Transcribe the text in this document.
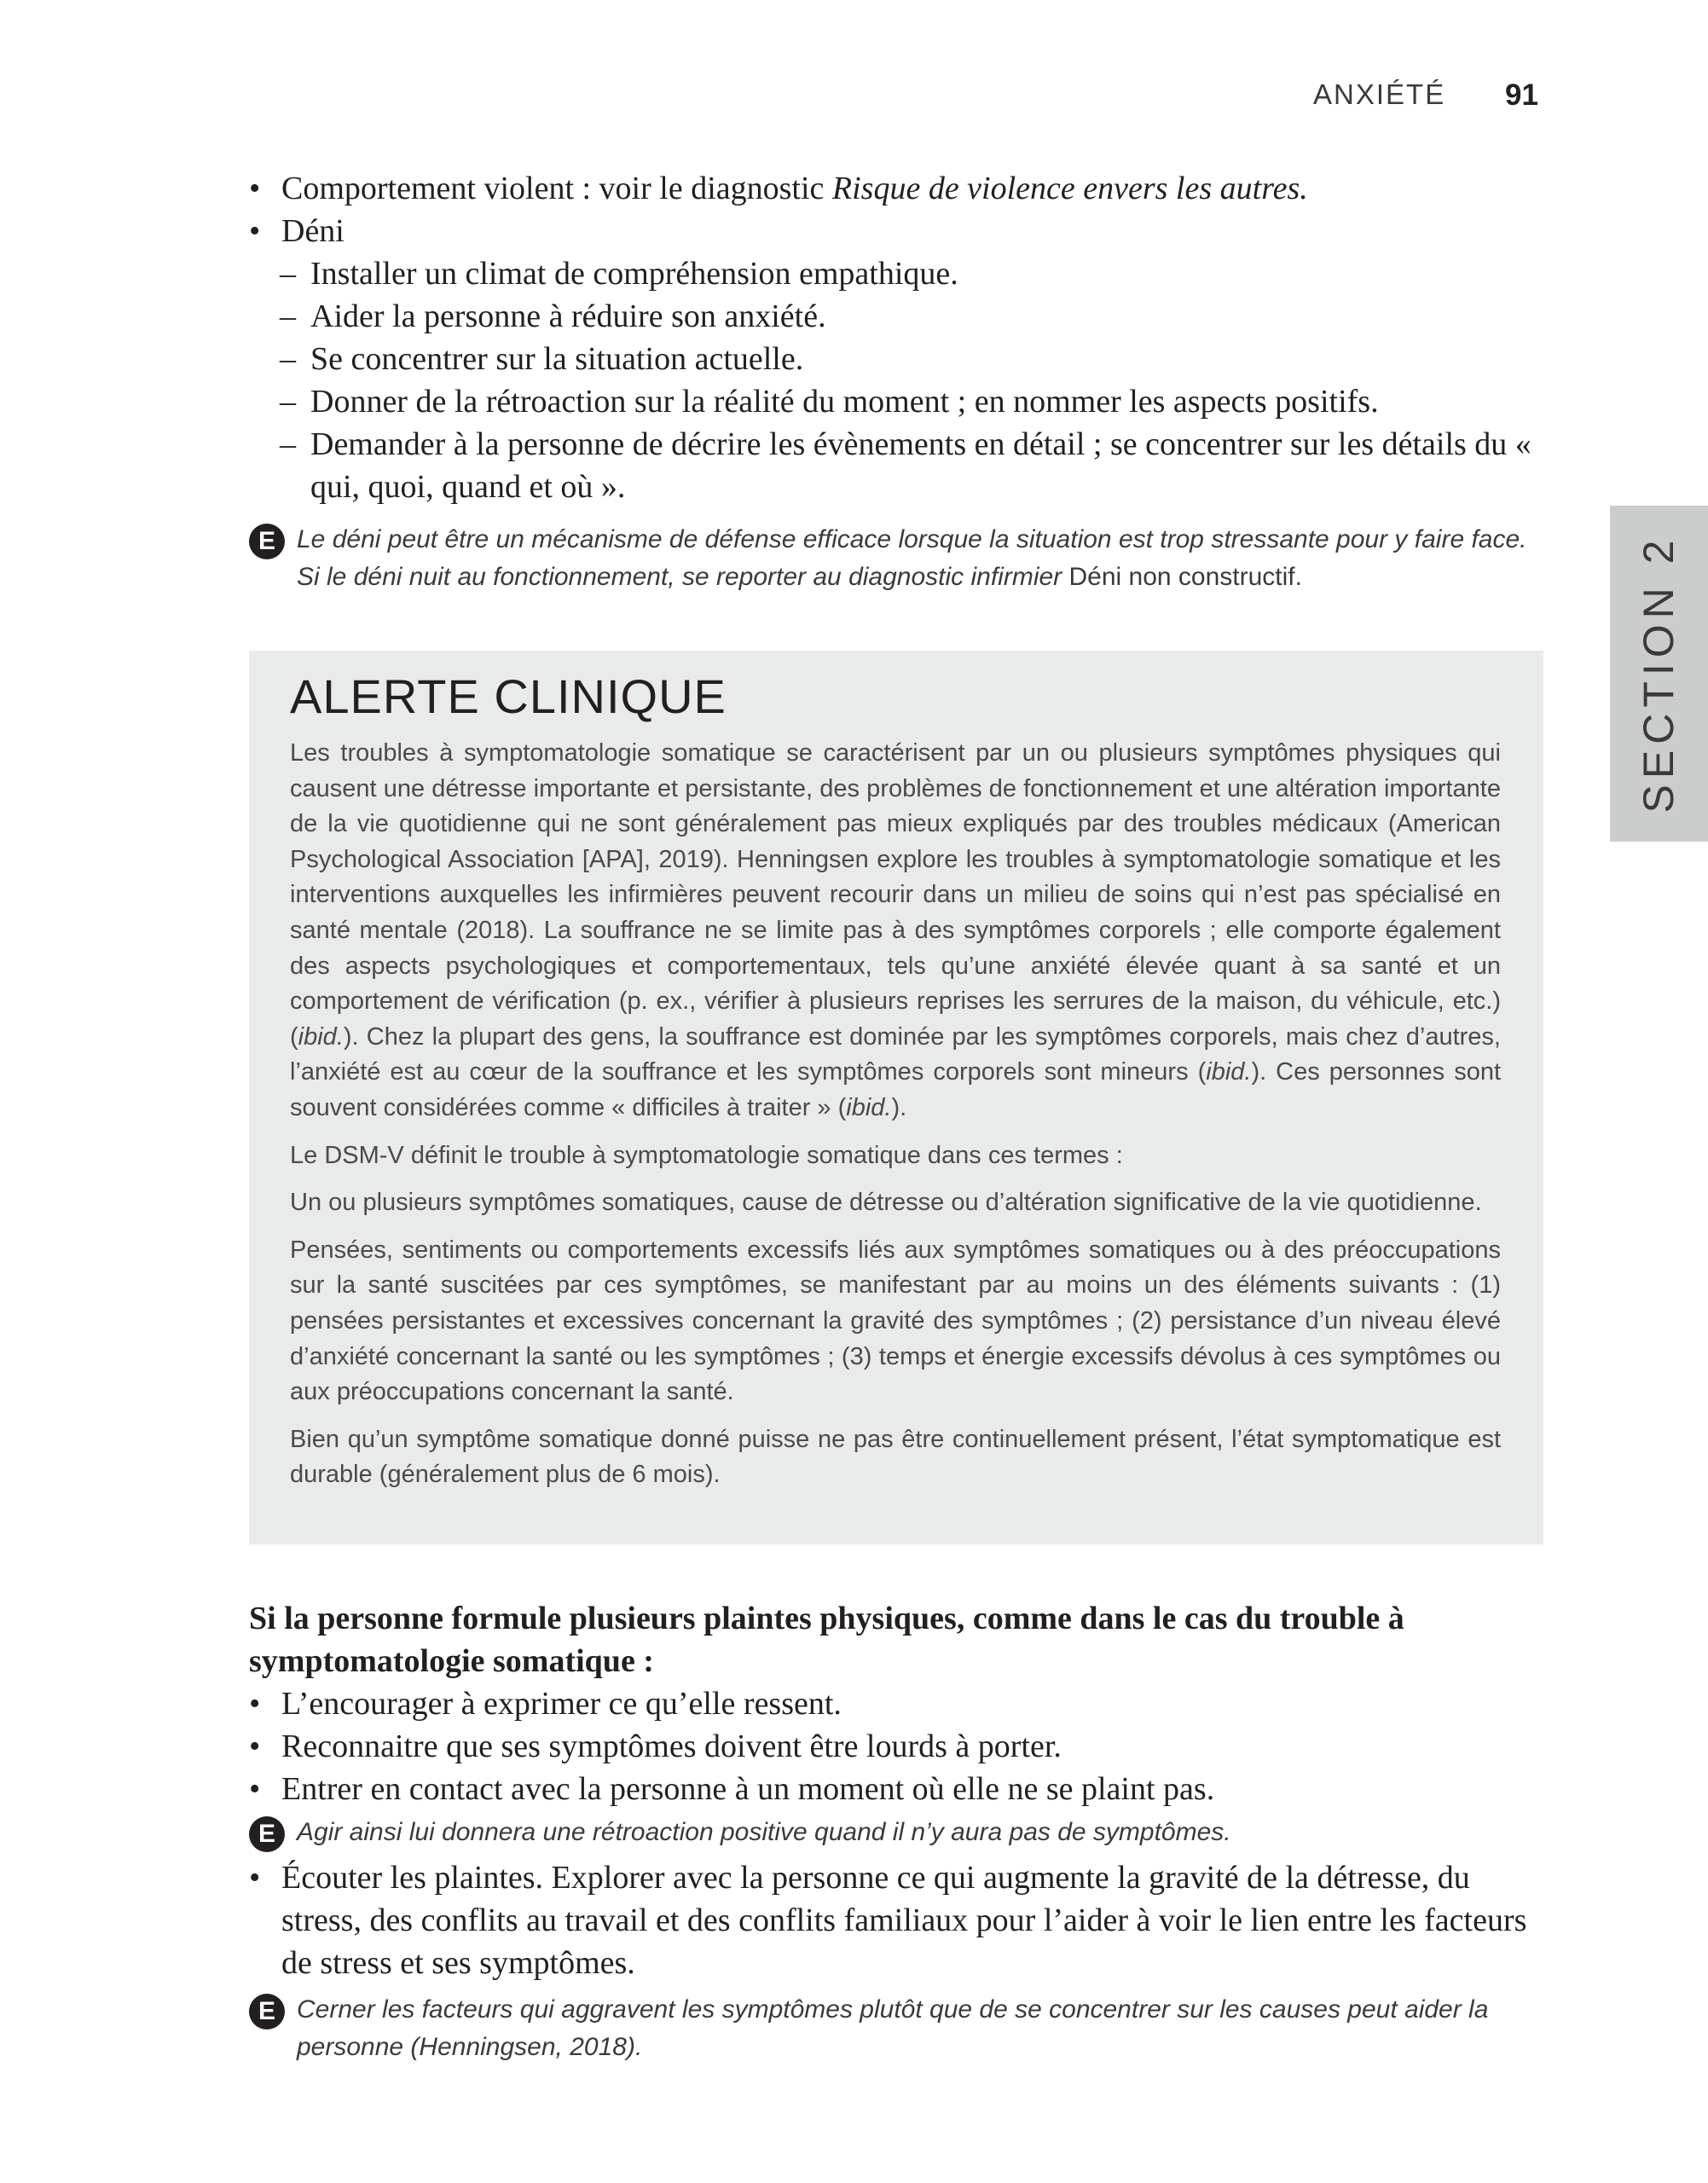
ANXIÉTÉ 91
SECTION 2
• Comportement violent : voir le diagnostic Risque de violence envers les autres.
• Déni
– Installer un climat de compréhension empathique.
– Aider la personne à réduire son anxiété.
– Se concentrer sur la situation actuelle.
– Donner de la rétroaction sur la réalité du moment ; en nommer les aspects positifs.
– Demander à la personne de décrire les évènements en détail ; se concentrer sur les détails du « qui, quoi, quand et où ».
E Le déni peut être un mécanisme de défense efficace lorsque la situation est trop stressante pour y faire face. Si le déni nuit au fonctionnement, se reporter au diagnostic infirmier Déni non constructif.
ALERTE CLINIQUE

Les troubles à symptomatologie somatique se caractérisent par un ou plusieurs symptômes physiques qui causent une détresse importante et persistante, des problèmes de fonctionnement et une altération importante de la vie quotidienne qui ne sont généralement pas mieux expliqués par des troubles médicaux (American Psychological Association [APA], 2019). Henningsen explore les troubles à symptomatologie somatique et les interventions auxquelles les infirmières peuvent recourir dans un milieu de soins qui n’est pas spécialisé en santé mentale (2018). La souffrance ne se limite pas à des symptômes corporels ; elle comporte également des aspects psychologiques et comportementaux, tels qu’une anxiété élevée quant à sa santé et un comportement de vérification (p. ex., vérifier à plusieurs reprises les serrures de la maison, du véhicule, etc.) (ibid.). Chez la plupart des gens, la souffrance est dominée par les symptômes corporels, mais chez d’autres, l’anxiété est au cœur de la souffrance et les symptômes corporels sont mineurs (ibid.). Ces personnes sont souvent considérées comme « difficiles à traiter » (ibid.).

Le DSM-V définit le trouble à symptomatologie somatique dans ces termes :

Un ou plusieurs symptômes somatiques, cause de détresse ou d’altération significative de la vie quotidienne.

Pensées, sentiments ou comportements excessifs liés aux symptômes somatiques ou à des préoccupations sur la santé suscitées par ces symptômes, se manifestant par au moins un des éléments suivants : (1) pensées persistantes et excessives concernant la gravité des symptômes ; (2) persistance d’un niveau élevé d’anxiété concernant la santé ou les symptômes ; (3) temps et énergie excessifs dévolus à ces symptômes ou aux préoccupations concernant la santé.

Bien qu’un symptôme somatique donné puisse ne pas être continuellement présent, l’état symptomatique est durable (généralement plus de 6 mois).

Si la personne formule plusieurs plaintes physiques, comme dans le cas du trouble à symptomatologie somatique :
• L’encourager à exprimer ce qu’elle ressent.
• Reconnaitre que ses symptômes doivent être lourds à porter.
• Entrer en contact avec la personne à un moment où elle ne se plaint pas.
E Agir ainsi lui donnera une rétroaction positive quand il n’y aura pas de symptômes.
• Écouter les plaintes. Explorer avec la personne ce qui augmente la gravité de la détresse, du stress, des conflits au travail et des conflits familiaux pour l’aider à voir le lien entre les facteurs de stress et ses symptômes.
E Cerner les facteurs qui aggravent les symptômes plutôt que de se concentrer sur les causes peut aider la personne (Henningsen, 2018).
